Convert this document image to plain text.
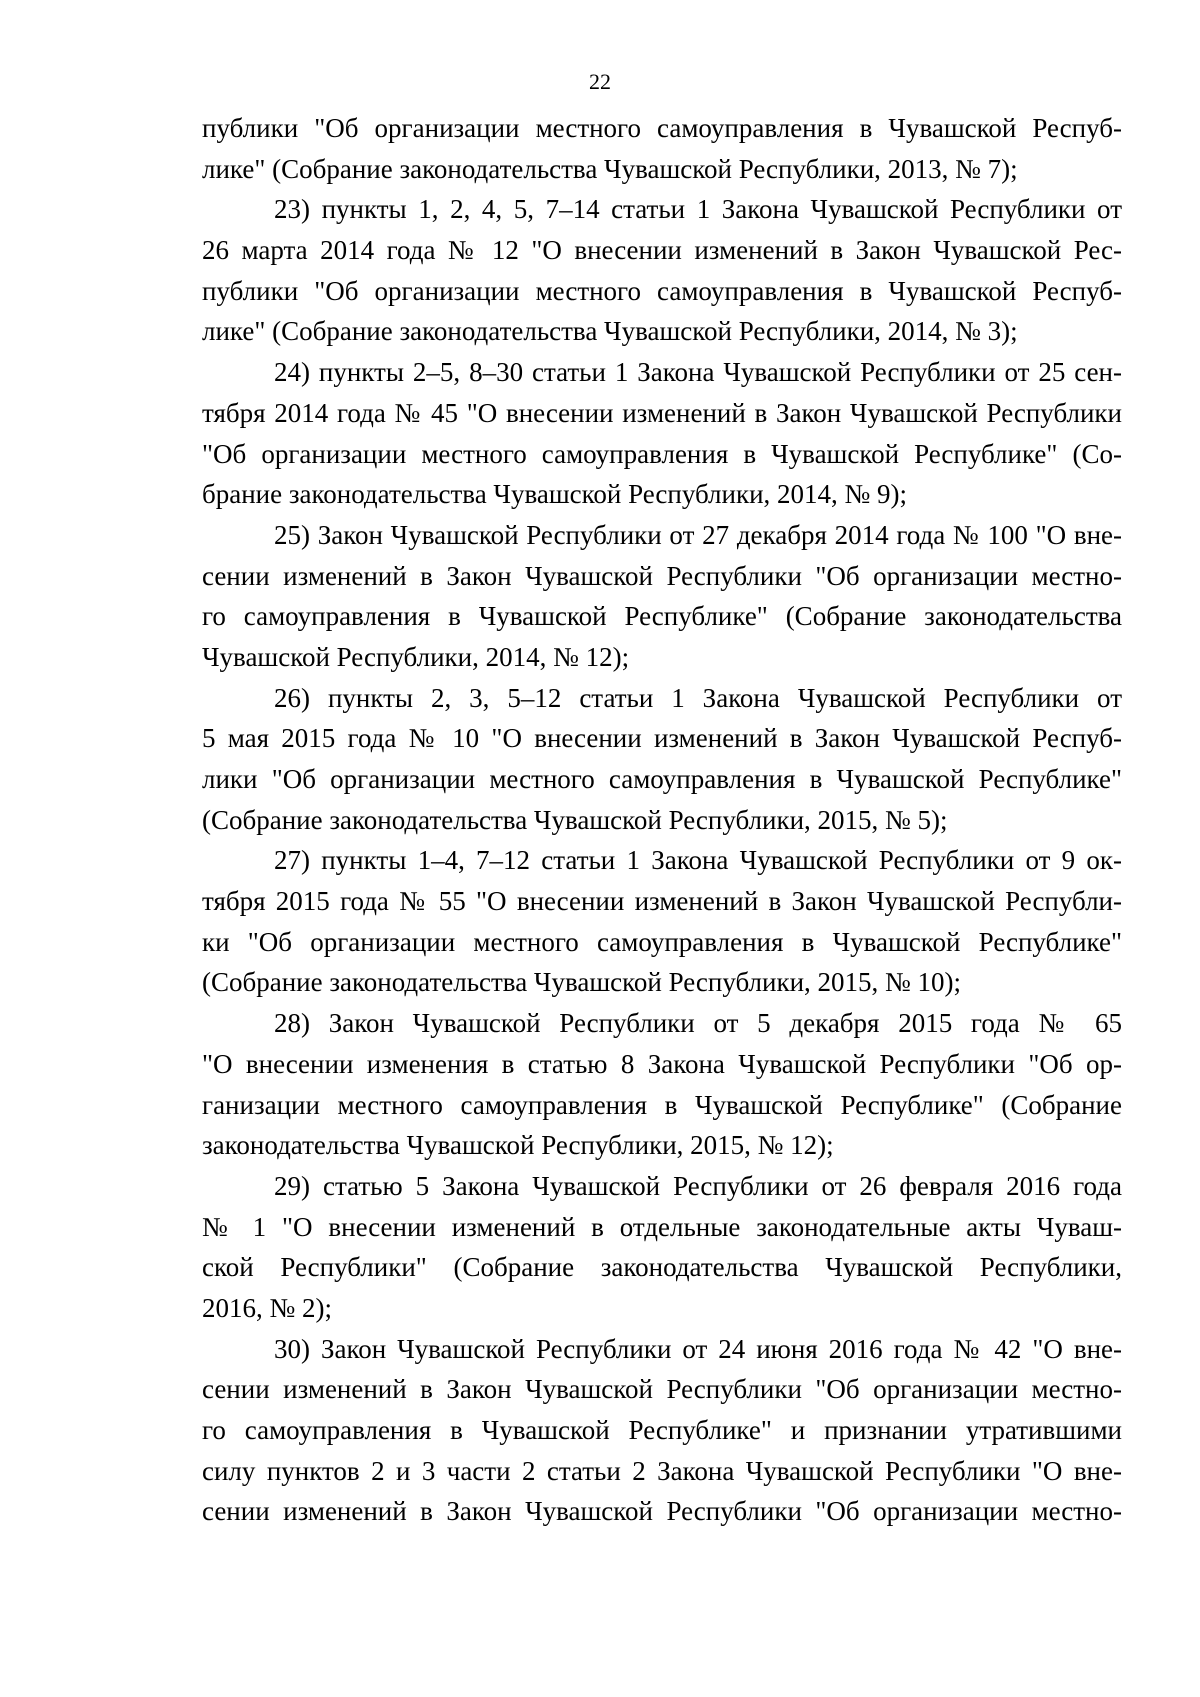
22
публики "Об организации местного самоуправления в Чувашской Респуб-
лике" (Собрание законодательства Чувашской Республики, 2013, № 7);
23) пункты 1, 2, 4, 5, 7–14 статьи 1 Закона Чувашской Республики от
26 марта 2014 года № 12 "О внесении изменений в Закон Чувашской Рес-
публики "Об организации местного самоуправления в Чувашской Респуб-
лике" (Собрание законодательства Чувашской Республики, 2014, № 3);
24) пункты 2–5, 8–30 статьи 1 Закона Чувашской Республики от 25 сен-
тября 2014 года № 45 "О внесении изменений в Закон Чувашской Республики
"Об организации местного самоуправления в Чувашской Республике" (Со-
брание законодательства Чувашской Республики, 2014, № 9);
25) Закон Чувашской Республики от 27 декабря 2014 года № 100 "О вне-
сении изменений в Закон Чувашской Республики "Об организации местно-
го самоуправления в Чувашской Республике" (Собрание законодательства
Чувашской Республики, 2014, № 12);
26) пункты 2, 3, 5–12 статьи 1 Закона Чувашской Республики от
5 мая 2015 года № 10 "О внесении изменений в Закон Чувашской Респуб-
лики "Об организации местного самоуправления в Чувашской Республике"
(Собрание законодательства Чувашской Республики, 2015, № 5);
27) пункты 1–4, 7–12 статьи 1 Закона Чувашской Республики от 9 ок-
тября 2015 года № 55 "О внесении изменений в Закон Чувашской Республи-
ки "Об организации местного самоуправления в Чувашской Республике"
(Собрание законодательства Чувашской Республики, 2015, № 10);
28) Закон Чувашской Республики от 5 декабря 2015 года № 65
"О внесении изменения в статью 8 Закона Чувашской Республики "Об ор-
ганизации местного самоуправления в Чувашской Республике" (Собрание
законодательства Чувашской Республики, 2015, № 12);
29) статью 5 Закона Чувашской Республики от 26 февраля 2016 года
№ 1 "О внесении изменений в отдельные законодательные акты Чуваш-
ской Республики" (Собрание законодательства Чувашской Республики,
2016, № 2);
30) Закон Чувашской Республики от 24 июня 2016 года № 42 "О вне-
сении изменений в Закон Чувашской Республики "Об организации местно-
го самоуправления в Чувашской Республике" и признании утратившими
силу пунктов 2 и 3 части 2 статьи 2 Закона Чувашской Республики "О вне-
сении изменений в Закон Чувашской Республики "Об организации местно-
